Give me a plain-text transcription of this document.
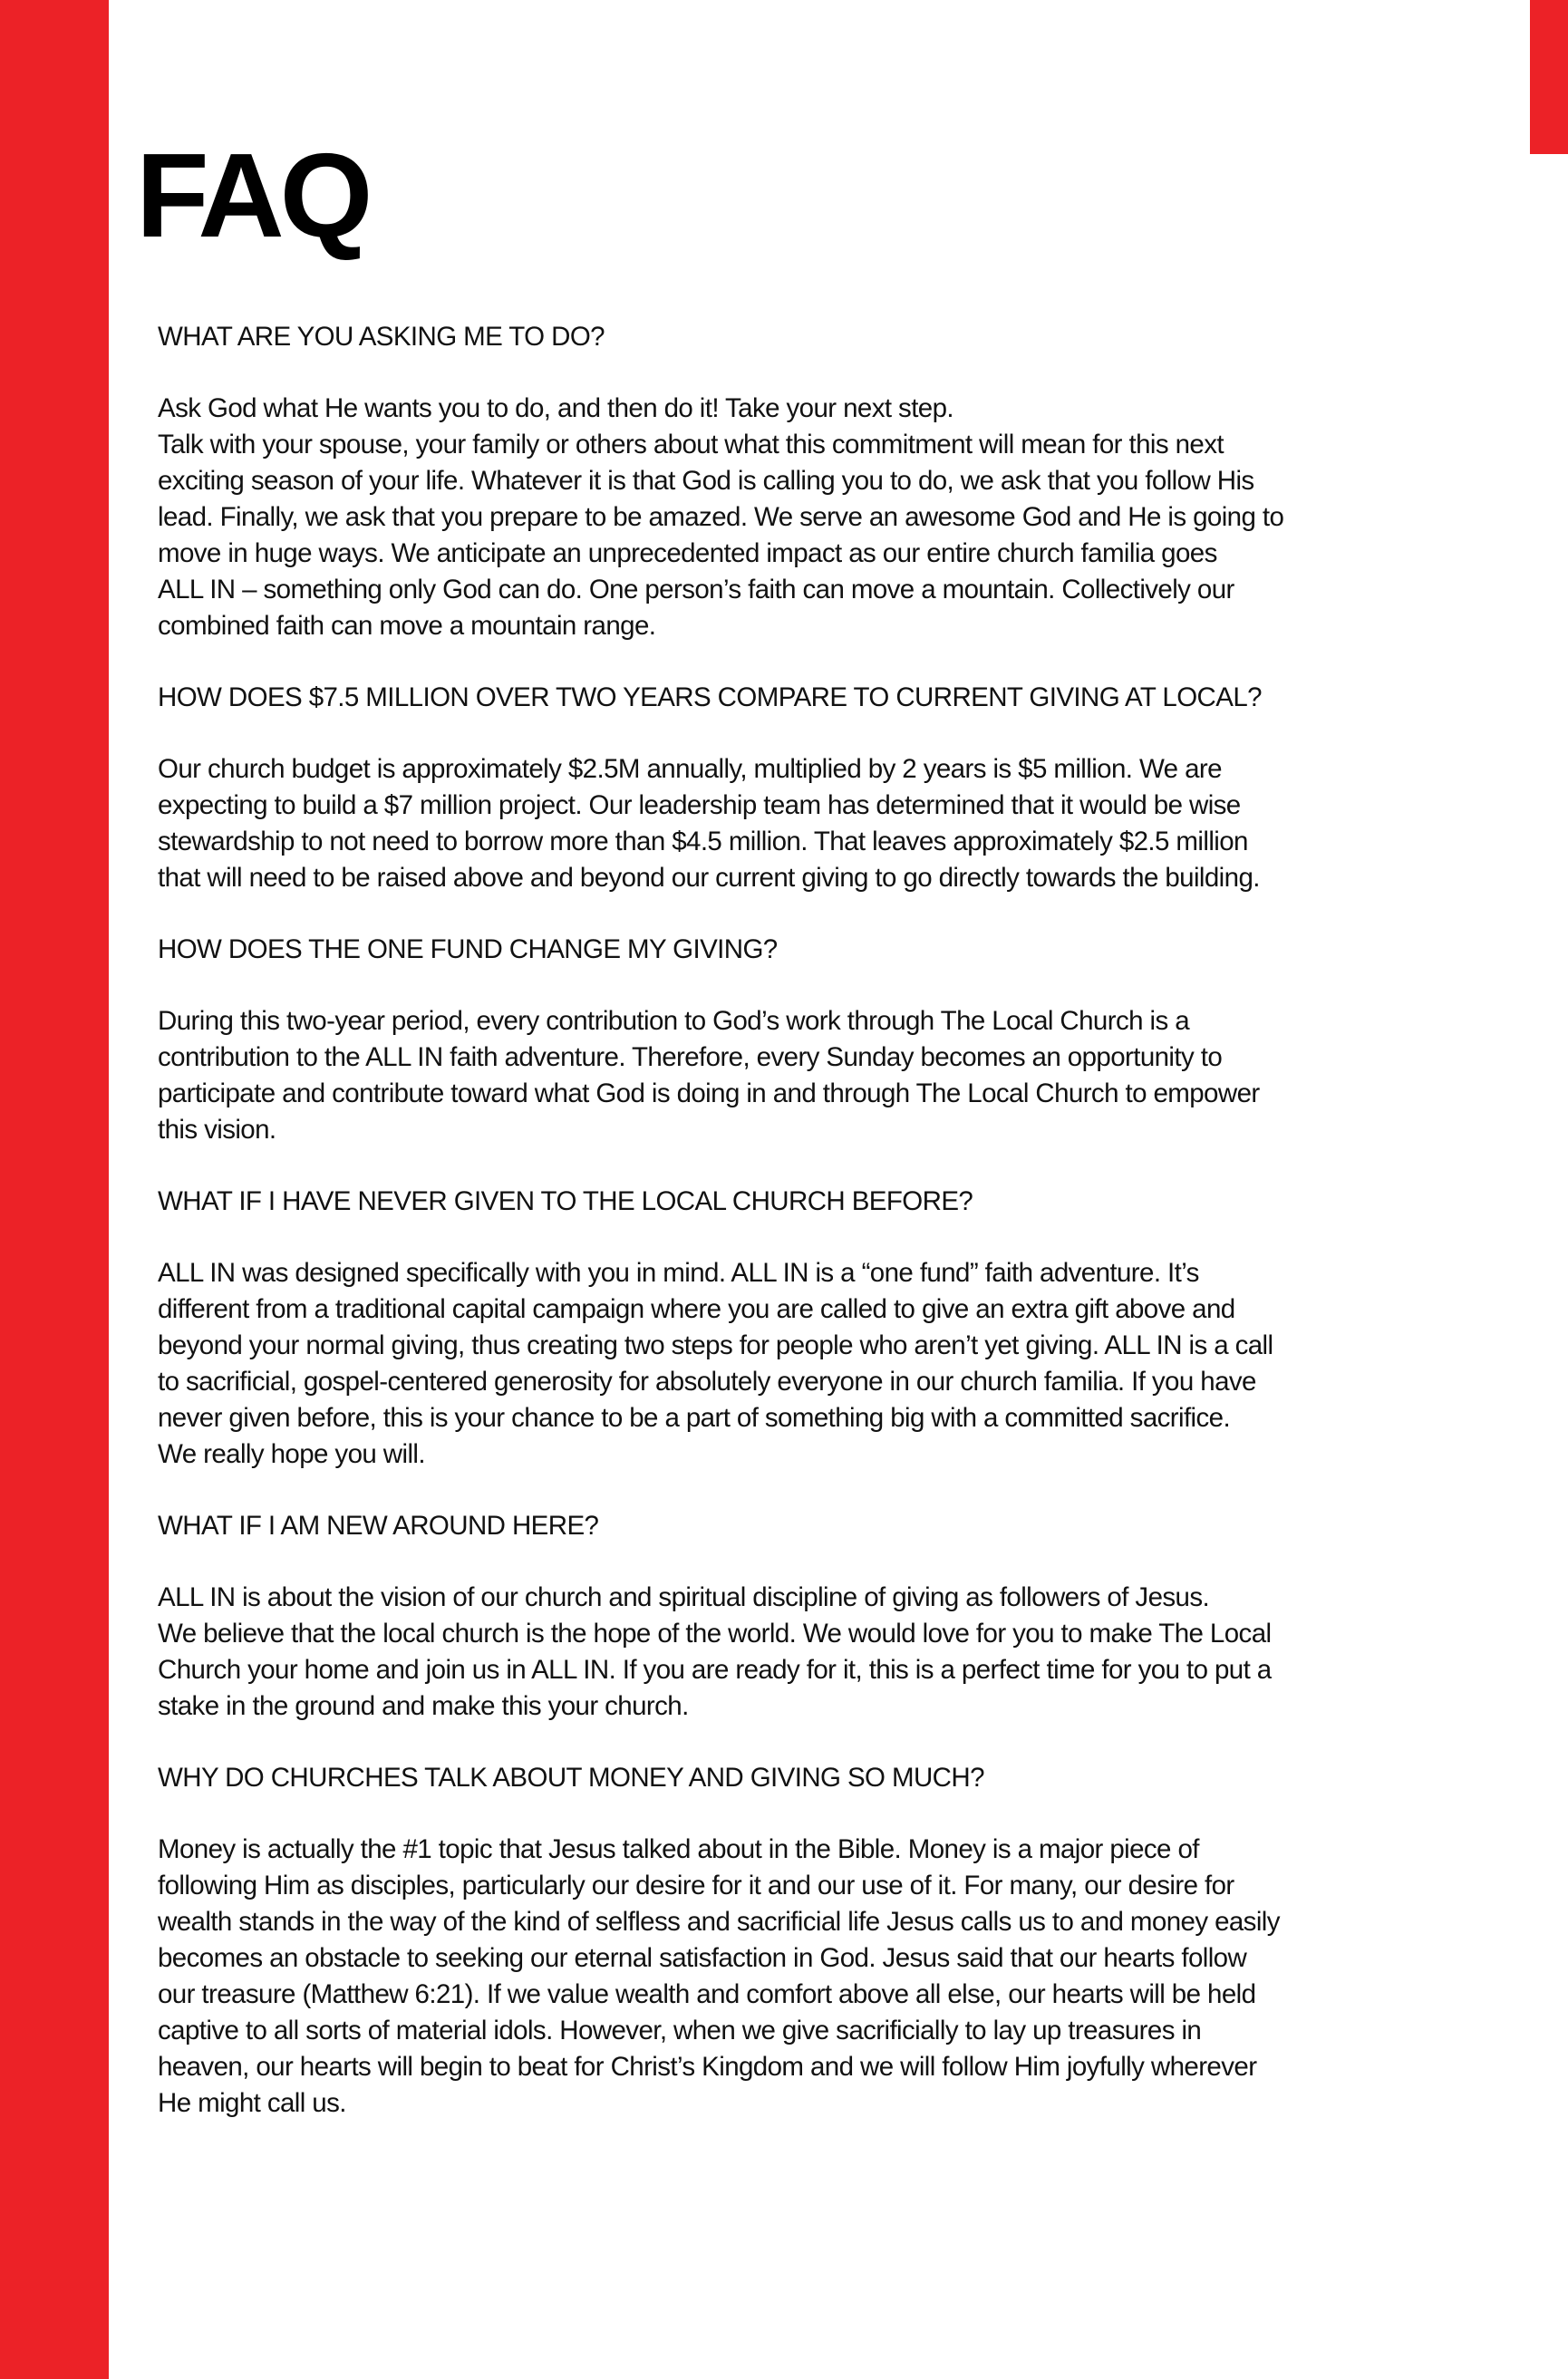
FAQ

WHAT ARE YOU ASKING ME TO DO?

Ask God what He wants you to do, and then do it! Take your next step.
Talk with your spouse, your family or others about what this commitment will mean for this next
exciting season of your life. Whatever it is that God is calling you to do, we ask that you follow His
lead. Finally, we ask that you prepare to be amazed. We serve an awesome God and He is going to
move in huge ways. We anticipate an unprecedented impact as our entire church familia goes
ALL IN – something only God can do. One person’s faith can move a mountain. Collectively our
combined faith can move a mountain range.

HOW DOES $7.5 MILLION OVER TWO YEARS COMPARE TO CURRENT GIVING AT LOCAL?

Our church budget is approximately $2.5M annually, multiplied by 2 years is $5 million. We are
expecting to build a $7 million project. Our leadership team has determined that it would be wise
stewardship to not need to borrow more than $4.5 million. That leaves approximately $2.5 million
that will need to be raised above and beyond our current giving to go directly towards the building.

HOW DOES THE ONE FUND CHANGE MY GIVING?

During this two-year period, every contribution to God’s work through The Local Church is a
contribution to the ALL IN faith adventure. Therefore, every Sunday becomes an opportunity to
participate and contribute toward what God is doing in and through The Local Church to empower
this vision.

WHAT IF I HAVE NEVER GIVEN TO THE LOCAL CHURCH BEFORE?

ALL IN was designed specifically with you in mind. ALL IN is a “one fund” faith adventure. It’s
different from a traditional capital campaign where you are called to give an extra gift above and
beyond your normal giving, thus creating two steps for people who aren’t yet giving. ALL IN is a call
to sacrificial, gospel-centered generosity for absolutely everyone in our church familia. If you have
never given before, this is your chance to be a part of something big with a committed sacrifice.
We really hope you will.

WHAT IF I AM NEW AROUND HERE?

ALL IN is about the vision of our church and spiritual discipline of giving as followers of Jesus.
We believe that the local church is the hope of the world. We would love for you to make The Local
Church your home and join us in ALL IN. If you are ready for it, this is a perfect time for you to put a
stake in the ground and make this your church.

WHY DO CHURCHES TALK ABOUT MONEY AND GIVING SO MUCH?

Money is actually the #1 topic that Jesus talked about in the Bible. Money is a major piece of
following Him as disciples, particularly our desire for it and our use of it. For many, our desire for
wealth stands in the way of the kind of selfless and sacrificial life Jesus calls us to and money easily
becomes an obstacle to seeking our eternal satisfaction in God. Jesus said that our hearts follow
our treasure (Matthew 6:21). If we value wealth and comfort above all else, our hearts will be held
captive to all sorts of material idols. However, when we give sacrificially to lay up treasures in
heaven, our hearts will begin to beat for Christ’s Kingdom and we will follow Him joyfully wherever
He might call us.
